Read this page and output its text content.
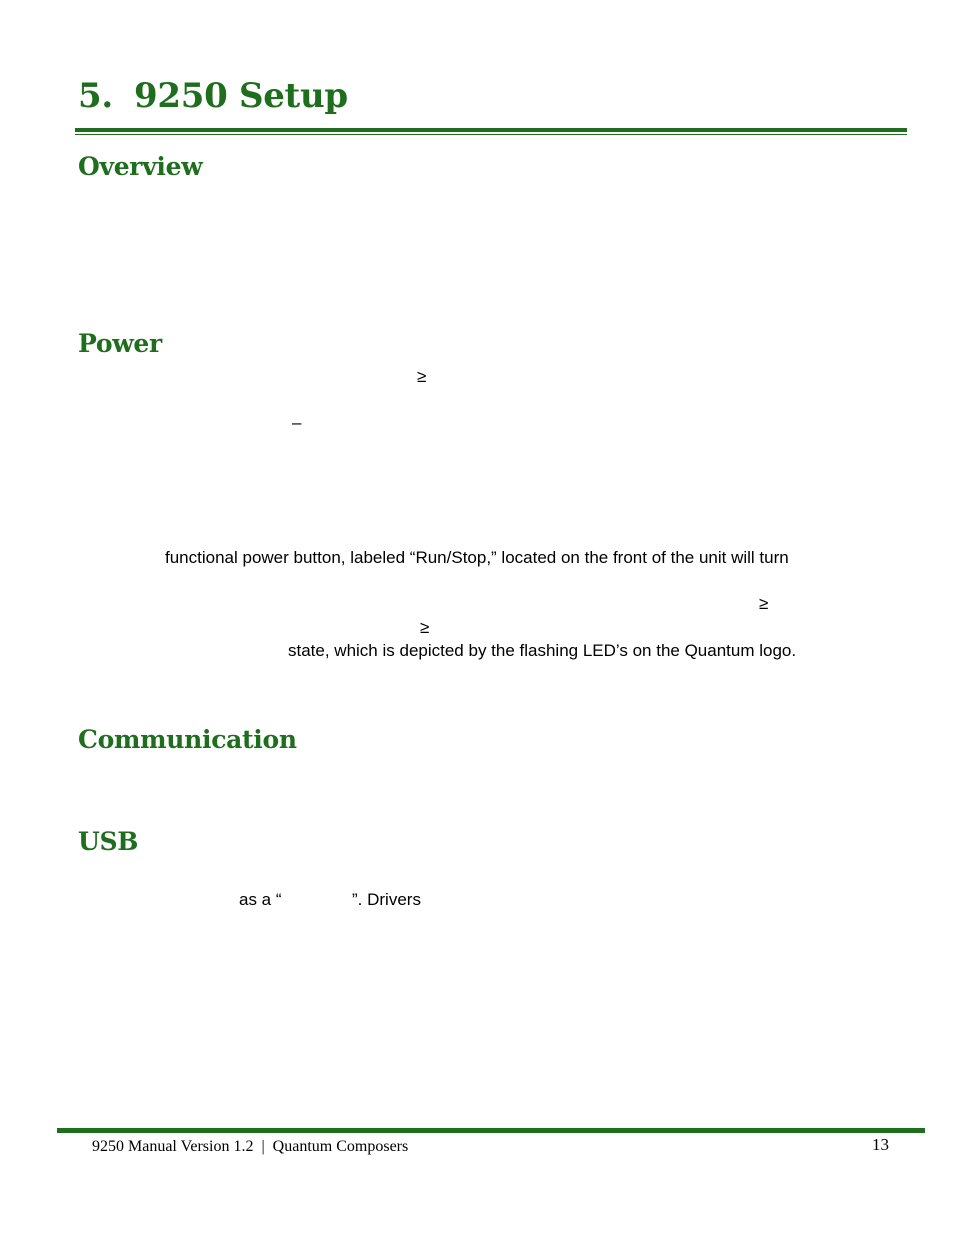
5. 9250 Setup
Overview
Power
≥
–
functional power button, labeled “Run/Stop,” located on the front of the unit will turn
≥
≥
state, which is depicted by the flashing LED’s on the Quantum logo.
Communication
USB
as a “	”. Drivers
9250 Manual Version 1.2  |  Quantum Composers	13
